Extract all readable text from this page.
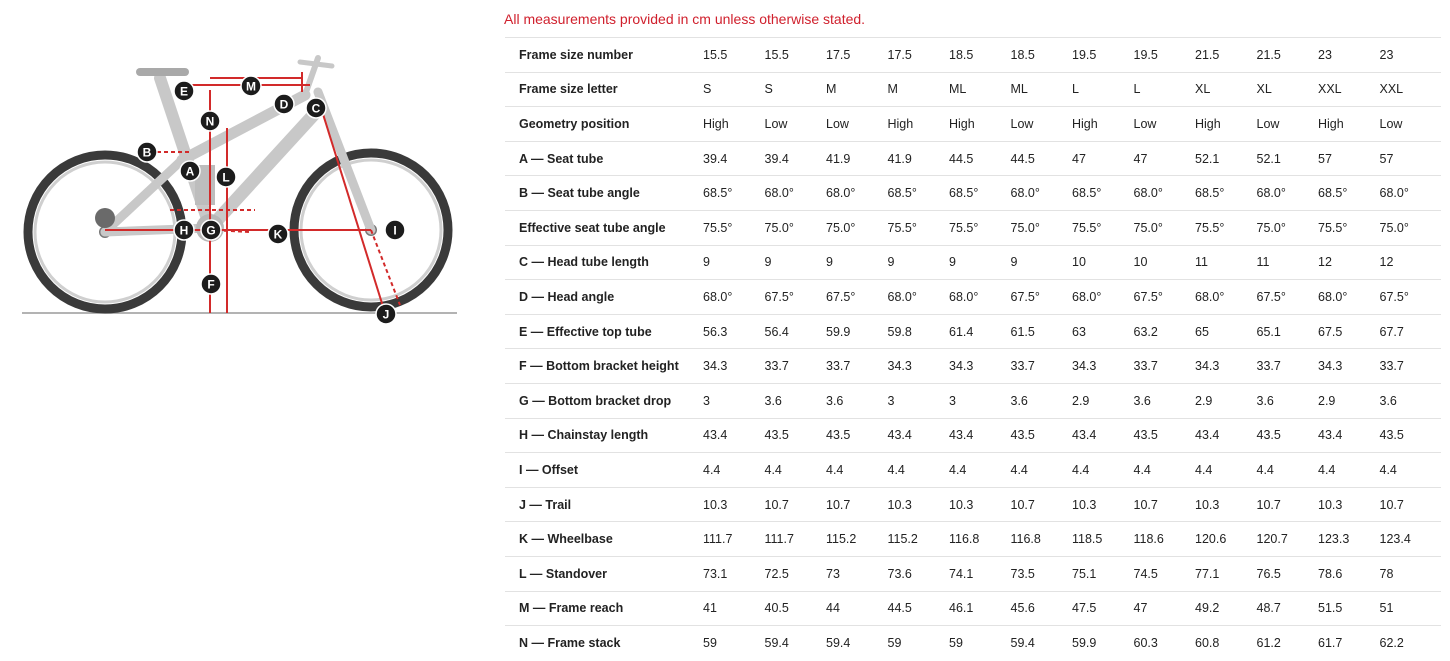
A
B
C
D
E
F
G
H	I
J
K
L
M
N
All measurements provided in cm unless otherwise stated.
Frame size number	15.5	15.5	17.5	17.5	18.5	18.5	19.5	19.5	21.5	21.5	23	23
Frame size letter	S	S	M	M	ML	ML	L	L	XL	XL	XXL	XXL
Geometry position	High	Low	Low	High	High	Low	High	Low	High	Low	High	Low
A — Seat tube	39.4	39.4	41.9	41.9	44.5	44.5	47	47	52.1	52.1	57	57
B — Seat tube angle	68.5°	68.0°	68.0°	68.5°	68.5°	68.0°	68.5°	68.0°	68.5°	68.0°	68.5°	68.0°
Effective seat tube angle	75.5°	75.0°	75.0°	75.5°	75.5°	75.0°	75.5°	75.0°	75.5°	75.0°	75.5°	75.0°
C — Head tube length	9	9	9	9	9	9	10	10	11	11	12	12
D — Head angle	68.0°	67.5°	67.5°	68.0°	68.0°	67.5°	68.0°	67.5°	68.0°	67.5°	68.0°	67.5°
E — Effective top tube	56.3	56.4	59.9	59.8	61.4	61.5	63	63.2	65	65.1	67.5	67.7
F — Bottom bracket height	34.3	33.7	33.7	34.3	34.3	33.7	34.3	33.7	34.3	33.7	34.3	33.7
G — Bottom bracket drop	3	3.6	3.6	3	3	3.6	2.9	3.6	2.9	3.6	2.9	3.6
H — Chainstay length	43.4	43.5	43.5	43.4	43.4	43.5	43.4	43.5	43.4	43.5	43.4	43.5
I — Offset	4.4	4.4	4.4	4.4	4.4	4.4	4.4	4.4	4.4	4.4	4.4	4.4
J — Trail	10.3	10.7	10.7	10.3	10.3	10.7	10.3	10.7	10.3	10.7	10.3	10.7
K — Wheelbase	111.7	111.7	115.2	115.2	116.8	116.8	118.5	118.6	120.6	120.7	123.3	123.4
L — Standover	73.1	72.5	73	73.6	74.1	73.5	75.1	74.5	77.1	76.5	78.6	78
M — Frame reach	41	40.5	44	44.5	46.1	45.6	47.5	47	49.2	48.7	51.5	51
N — Frame stack	59	59.4	59.4	59	59	59.4	59.9	60.3	60.8	61.2	61.7	62.2
